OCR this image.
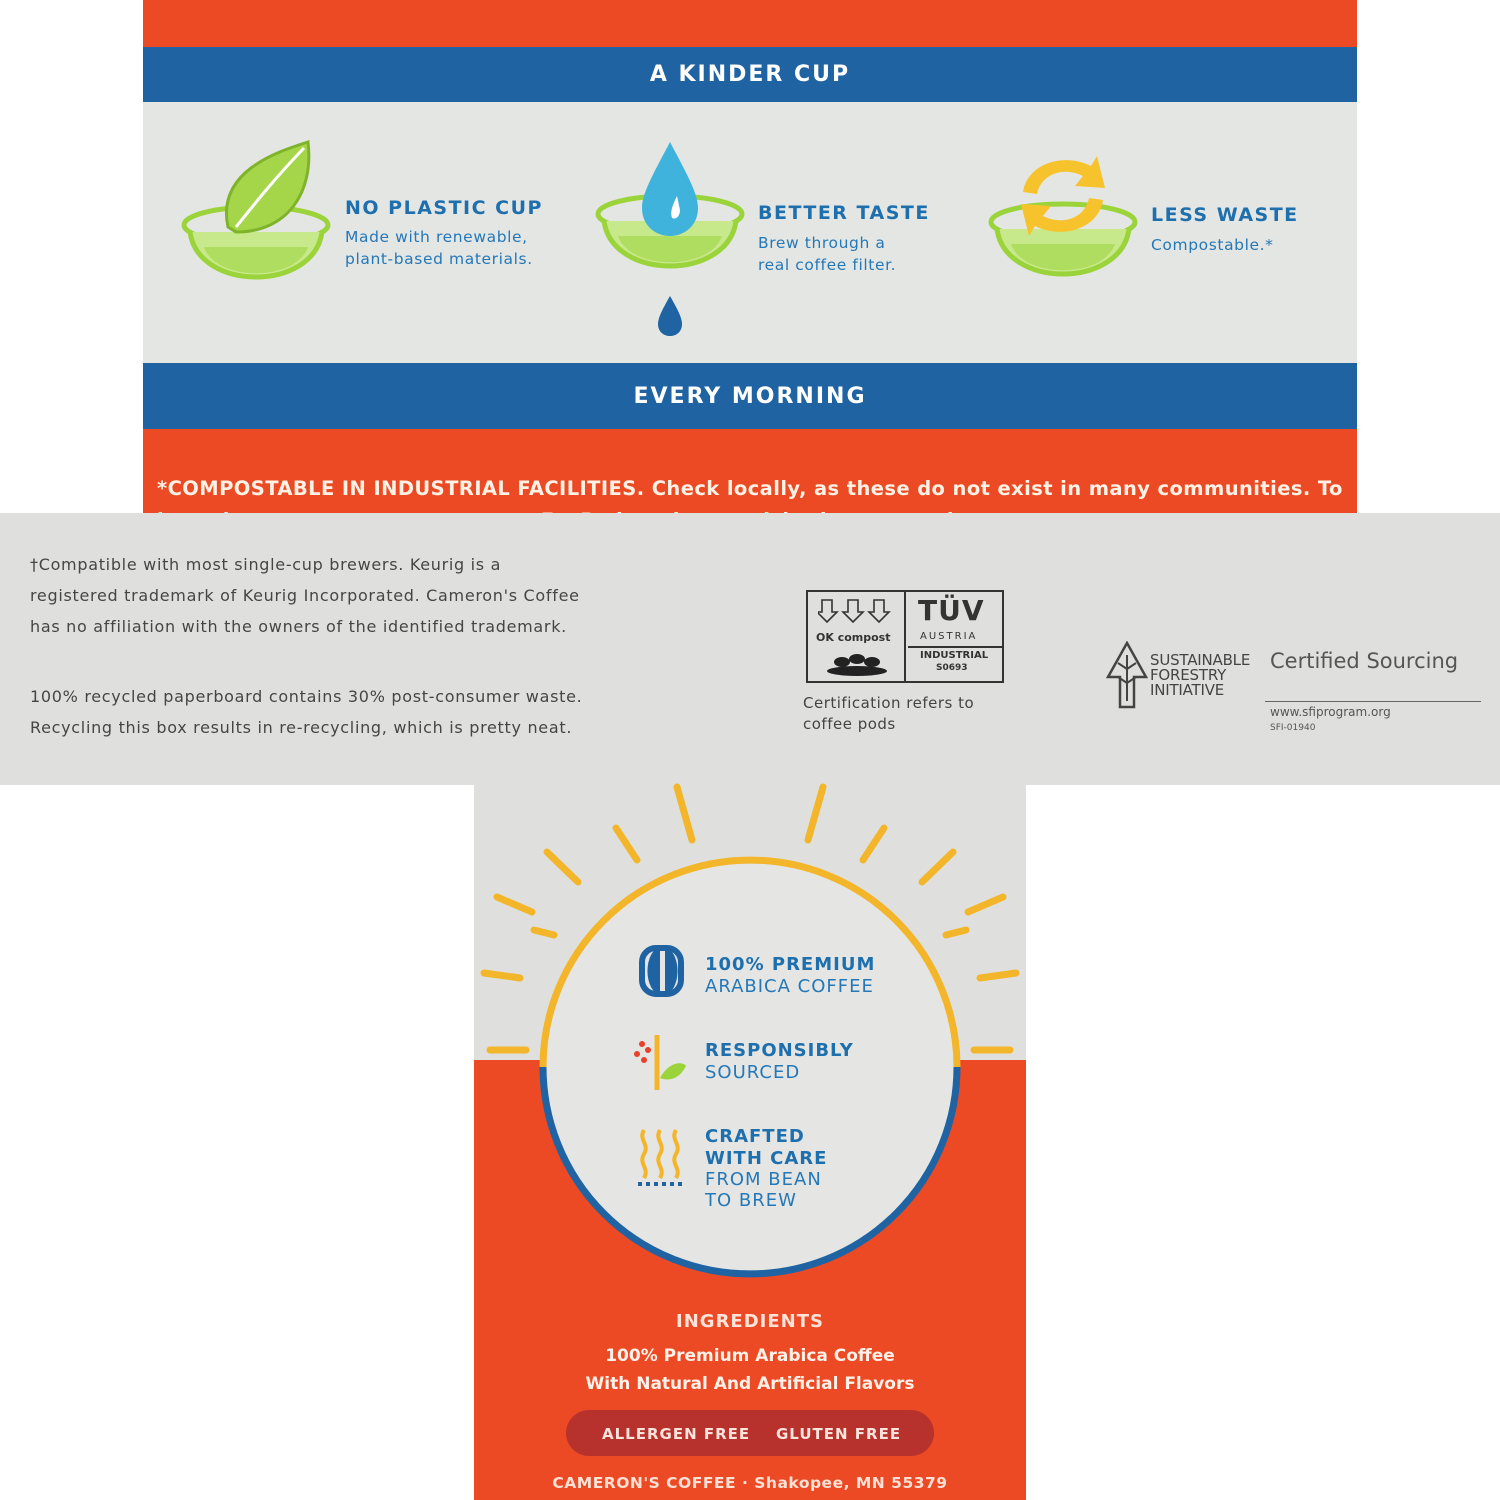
A KINDER CUP
NO PLASTIC CUP
Made with renewable,
plant-based materials.
BETTER TASTE
Brew through a
real coffee filter.
LESS WASTE
Compostable.*
EVERY MORNING
*COMPOSTABLE IN INDUSTRIAL FACILITIES. Check locally, as these do not exist in many communities. To
†Compatible with most single-cup brewers. Keurig is a
registered trademark of Keurig Incorporated. Cameron's Coffee
has no affiliation with the owners of the identified trademark.
100% recycled paperboard contains 30% post-consumer waste.
Recycling this box results in re-recycling, which is pretty neat.
OK compost
TÜV
AUSTRIA
INDUSTRIAL
S0693
Certification refers to
coffee pods
SUSTAINABLE
FORESTRY
INITIATIVE
Certified Sourcing
www.sfiprogram.org
SFI-01940
100% PREMIUM
ARABICA COFFEE
RESPONSIBLY
SOURCED
CRAFTED
WITH CARE
FROM BEAN
TO BREW
INGREDIENTS
100% Premium Arabica Coffee
With Natural And Artificial Flavors
ALLERGEN FREE GLUTEN FREE
CAMERON'S COFFEE · Shakopee, MN 55379
